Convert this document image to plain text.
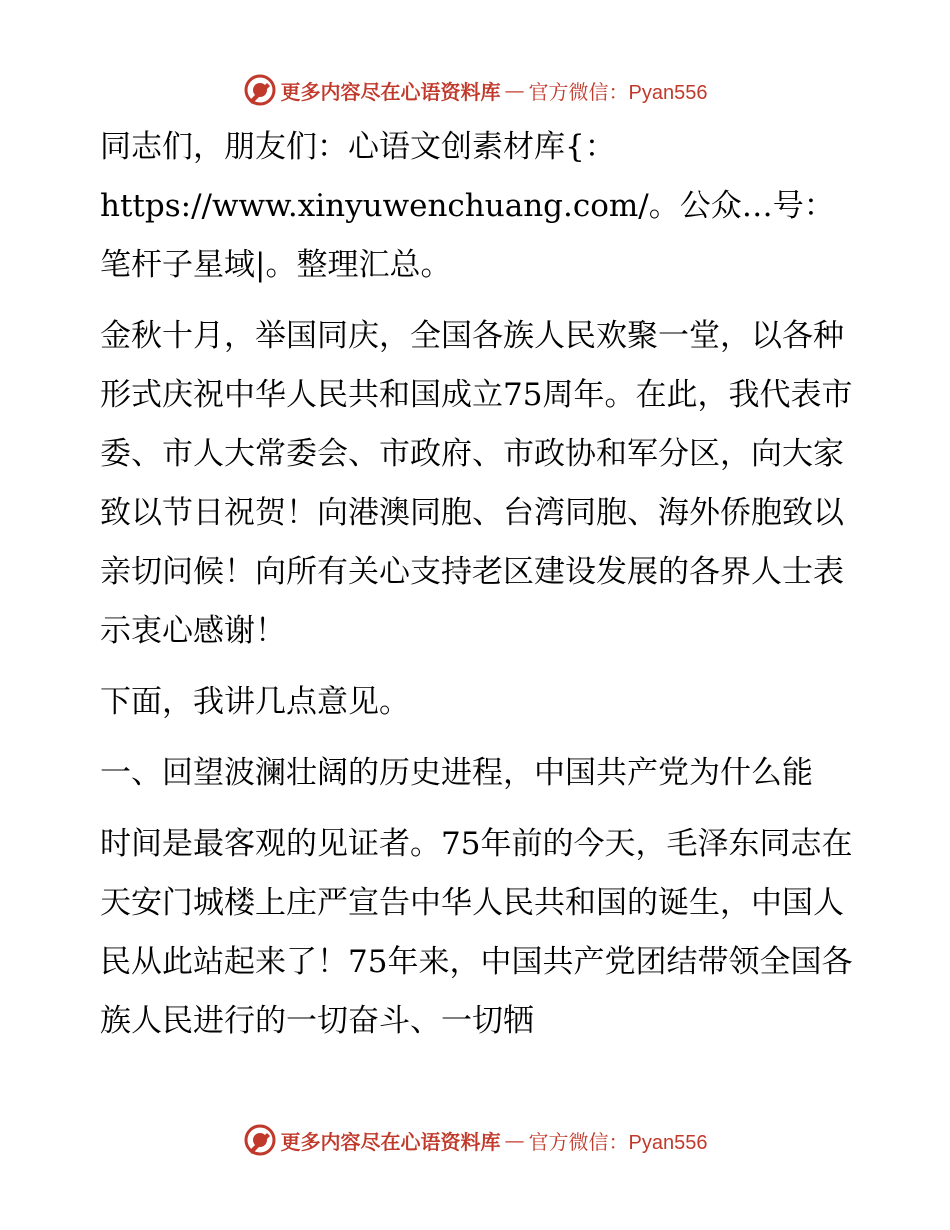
更多内容尽在心语资料库 — 官方微信：Pyan556

同志们，朋友们：心语文创素材库{：https://www.xinyuwenchuang.com/。公众…号：笔杆子星域|。整理汇总。

金秋十月，举国同庆，全国各族人民欢聚一堂，以各种形式庆祝中华人民共和国成立75周年。在此，我代表市委、市人大常委会、市政府、市政协和军分区，向大家致以节日祝贺！向港澳同胞、台湾同胞、海外侨胞致以亲切问候！向所有关心支持老区建设发展的各界人士表示衷心感谢！

下面，我讲几点意见。

一、回望波澜壮阔的历史进程，中国共产党为什么能

时间是最客观的见证者。75年前的今天，毛泽东同志在天安门城楼上庄严宣告中华人民共和国的诞生，中国人民从此站起来了！75年来，中国共产党团结带领全国各族人民进行的一切奋斗、一切牺

更多内容尽在心语资料库 — 官方微信：Pyan556
